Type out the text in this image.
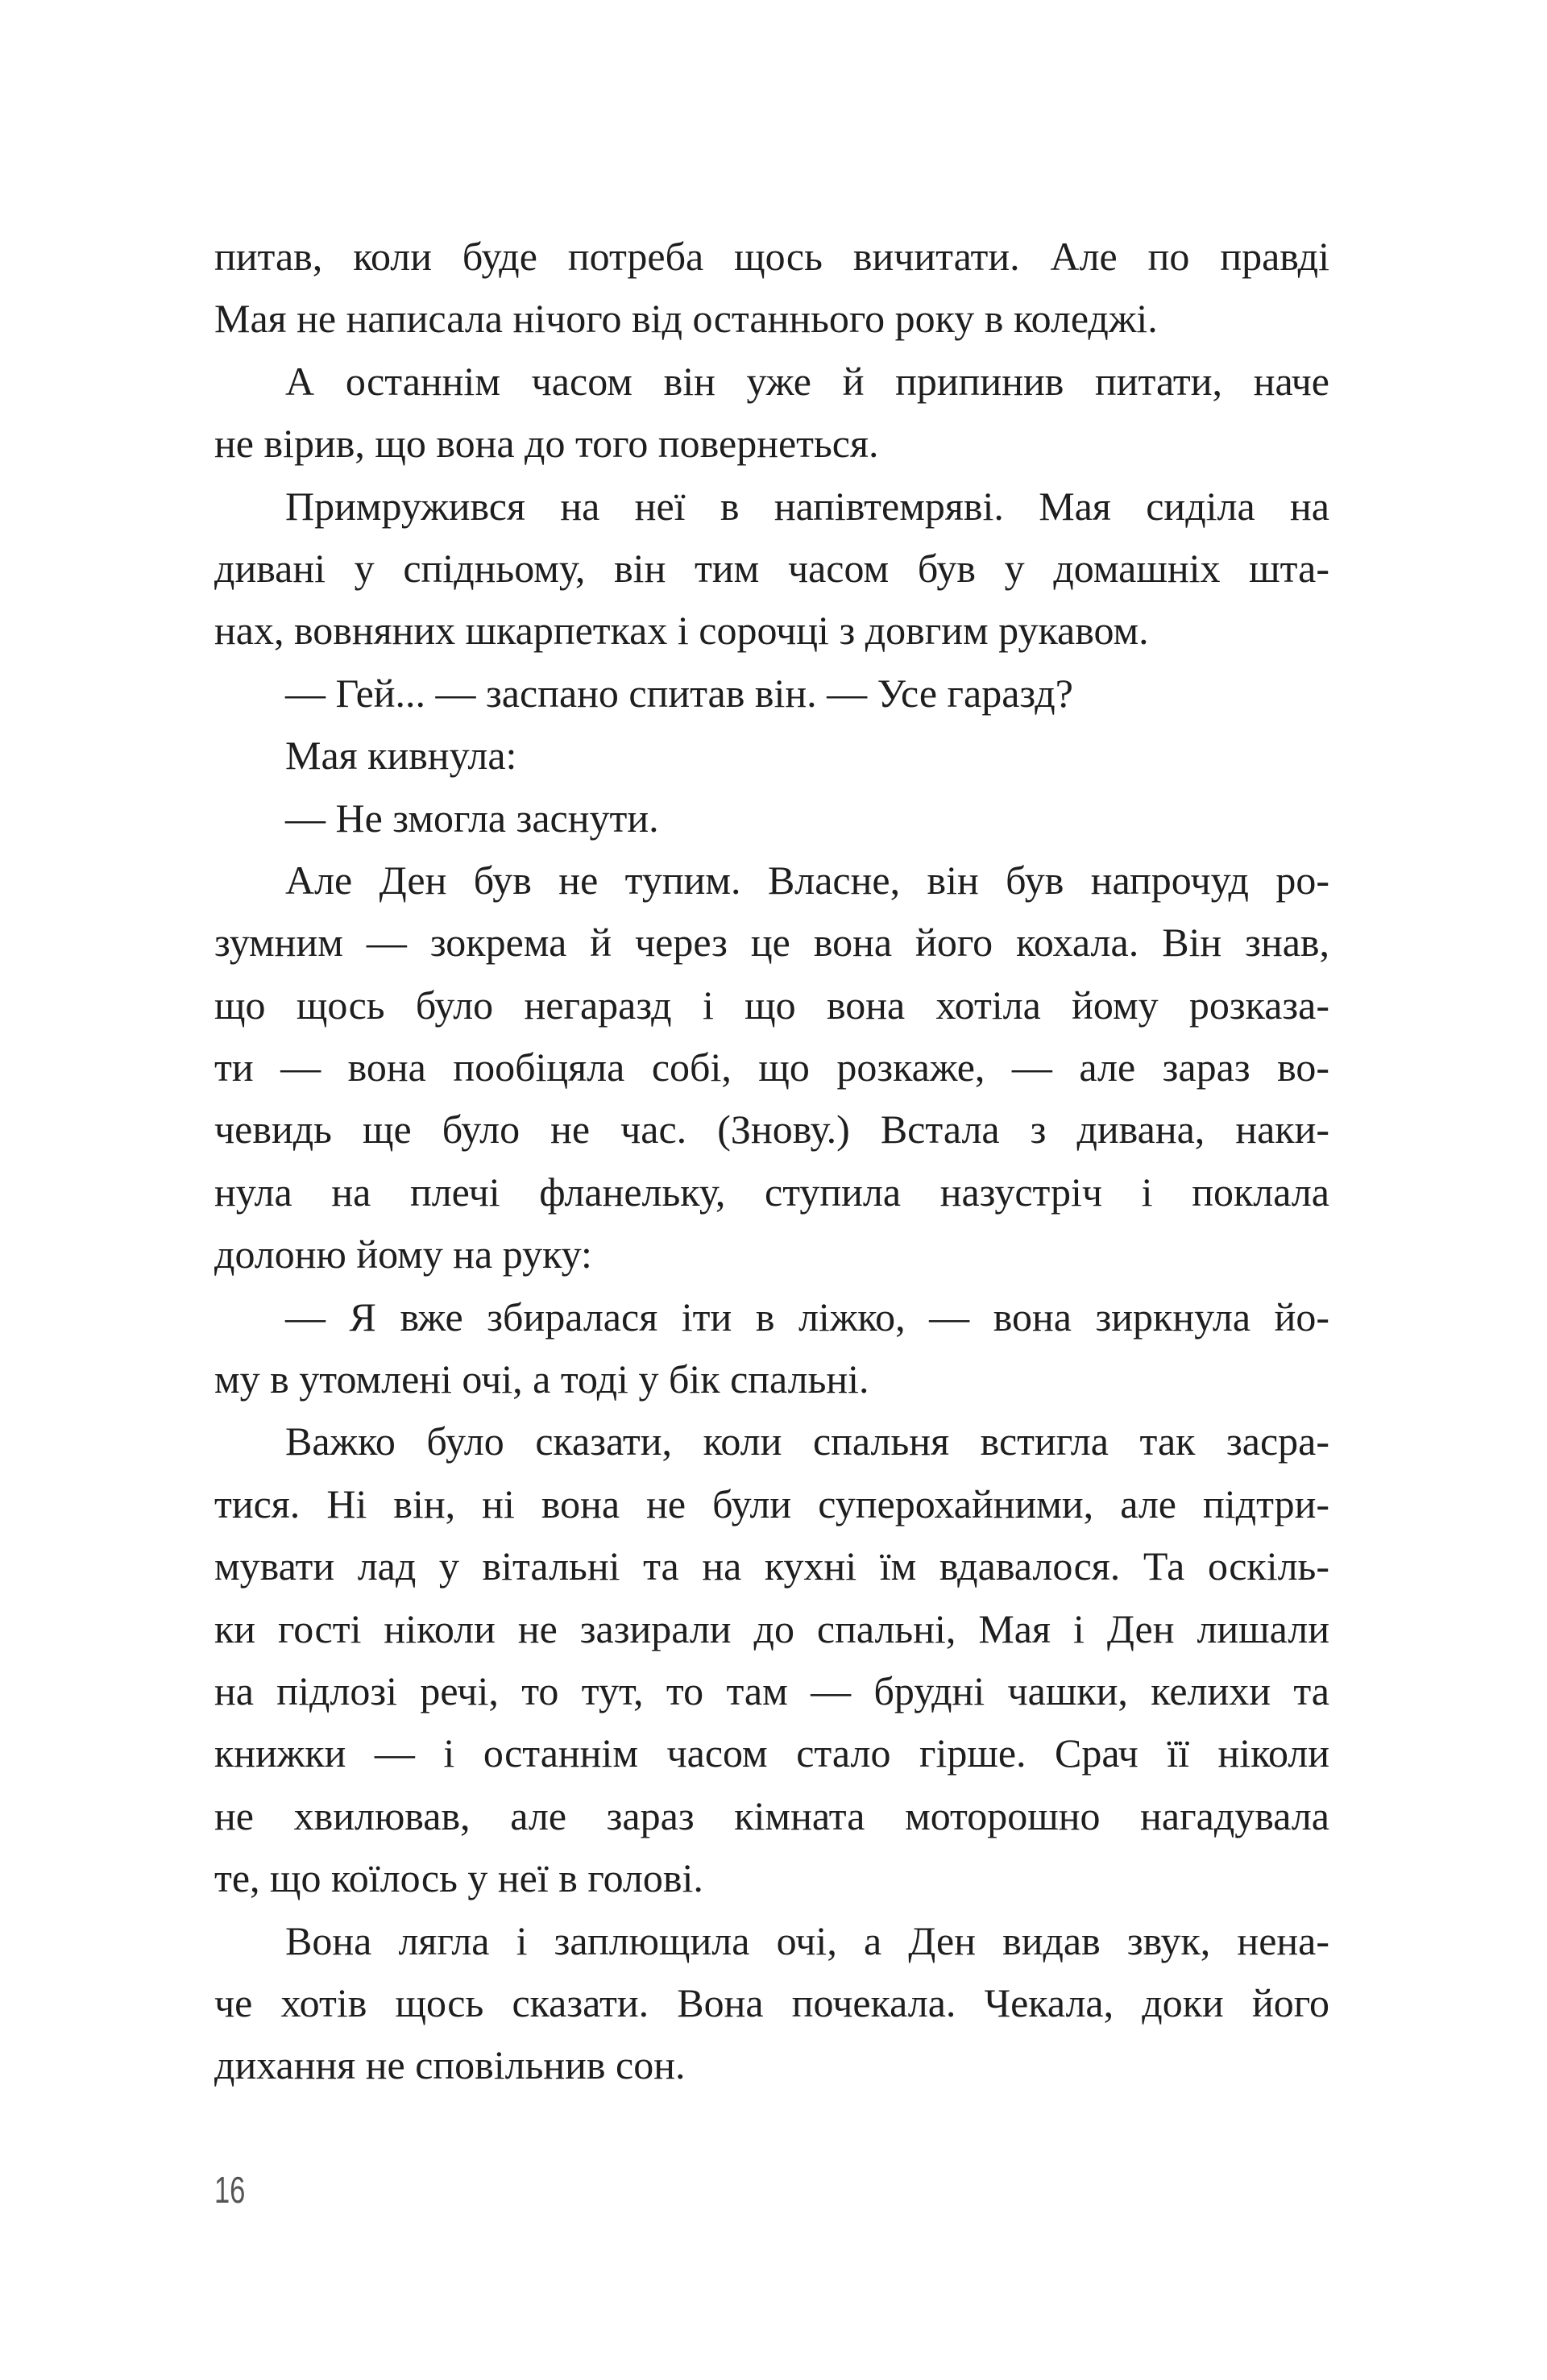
питав, коли буде потреба щось вичитати. Але по правді
Мая не написала нічого від останнього року в коледжі.
А останнім часом він уже й припинив питати, наче
не вірив, що вона до того повернеться.
Примружився на неї в напівтемряві. Мая сиділа на
дивані у спідньому, він тим часом був у домашніх шта-
нах, вовняних шкарпетках і сорочці з довгим рукавом.
— Гей... — заспано спитав він. — Усе гаразд?
Мая кивнула:
— Не змогла заснути.
Але Ден був не тупим. Власне, він був напрочуд ро-
зумним — зокрема й через це вона його кохала. Він знав,
що щось було негаразд і що вона хотіла йому розказа-
ти — вона пообіцяла собі, що розкаже, — але зараз во-
чевидь ще було не час. (Знову.) Встала з дивана, наки-
нула на плечі фланельку, ступила назустріч і поклала
долоню йому на руку:
— Я вже збиралася іти в ліжко, — вона зиркнула йо-
му в утомлені очі, а тоді у бік спальні.
Важко було сказати, коли спальня встигла так засра-
тися. Ні він, ні вона не були суперохайними, але підтри-
мувати лад у вітальні та на кухні їм вдавалося. Та оскіль-
ки гості ніколи не зазирали до спальні, Мая і Ден лишали
на підлозі речі, то тут, то там — брудні чашки, келихи та
книжки — і останнім часом стало гірше. Срач її ніколи
не хвилював, але зараз кімната моторошно нагадувала
те, що коїлось у неї в голові.
Вона лягла і заплющила очі, а Ден видав звук, нена-
че хотів щось сказати. Вона почекала. Чекала, доки його
дихання не сповільнив сон.
16
